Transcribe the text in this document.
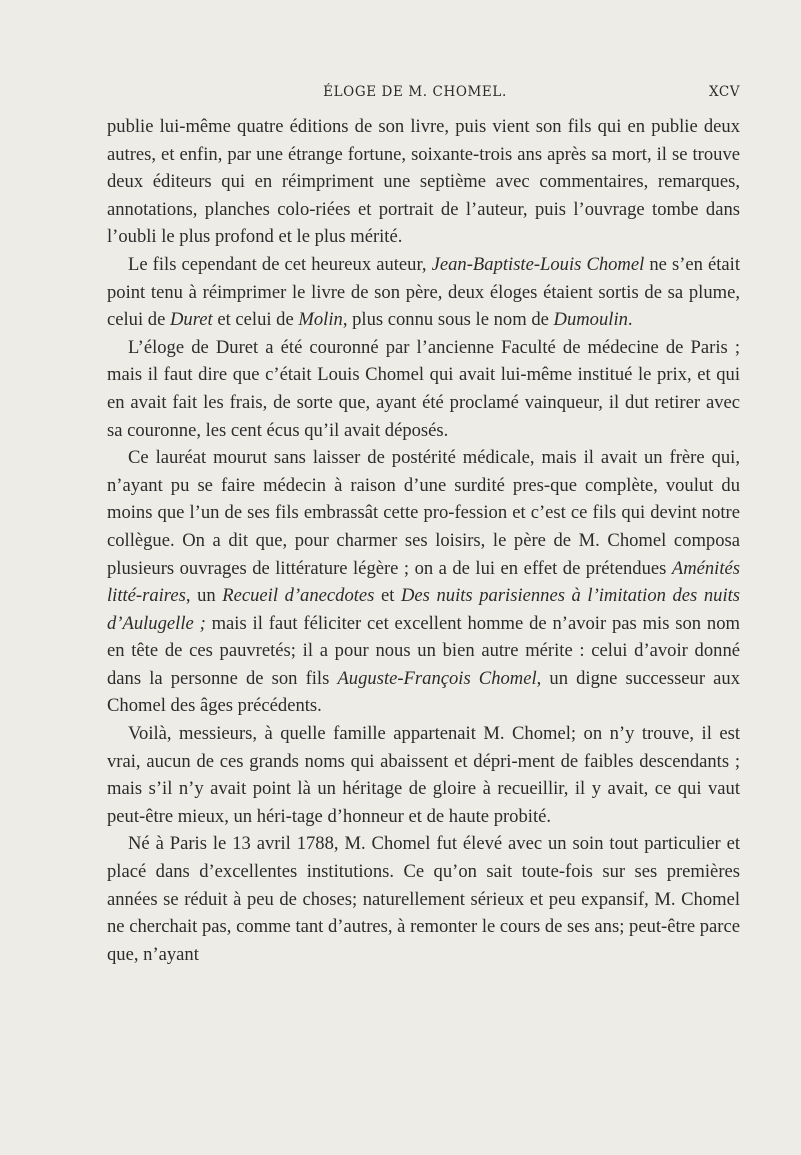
ÉLOGE DE M. CHOMEL.	XCV

publie lui-même quatre éditions de son livre, puis vient son fils qui en publie deux autres, et enfin, par une étrange fortune, soixante-trois ans après sa mort, il se trouve deux éditeurs qui en réimpriment une septième avec commentaires, remarques, annotations, planches colo-riées et portrait de l’auteur, puis l’ouvrage tombe dans l’oubli le plus profond et le plus mérité.

Le fils cependant de cet heureux auteur, Jean-Baptiste-Louis Chomel ne s’en était point tenu à réimprimer le livre de son père, deux éloges étaient sortis de sa plume, celui de Duret et celui de Molin, plus connu sous le nom de Dumoulin.

L’éloge de Duret a été couronné par l’ancienne Faculté de médecine de Paris ; mais il faut dire que c’était Louis Chomel qui avait lui-même institué le prix, et qui en avait fait les frais, de sorte que, ayant été proclamé vainqueur, il dut retirer avec sa couronne, les cent écus qu’il avait déposés.

Ce lauréat mourut sans laisser de postérité médicale, mais il avait un frère qui, n’ayant pu se faire médecin à raison d’une surdité pres-que complète, voulut du moins que l’un de ses fils embrassât cette pro-fession et c’est ce fils qui devint notre collègue. On a dit que, pour charmer ses loisirs, le père de M. Chomel composa plusieurs ouvrages de littérature légère ; on a de lui en effet de prétendues Aménités litté-raires, un Recueil d’anecdotes et Des nuits parisiennes à l’imitation des nuits d’Aulugelle ; mais il faut féliciter cet excellent homme de n’avoir pas mis son nom en tête de ces pauvretés; il a pour nous un bien autre mérite : celui d’avoir donné dans la personne de son fils Auguste-François Chomel, un digne successeur aux Chomel des âges précédents.

Voilà, messieurs, à quelle famille appartenait M. Chomel; on n’y trouve, il est vrai, aucun de ces grands noms qui abaissent et dépri-ment de faibles descendants ; mais s’il n’y avait point là un héritage de gloire à recueillir, il y avait, ce qui vaut peut-être mieux, un héri-tage d’honneur et de haute probité.

Né à Paris le 13 avril 1788, M. Chomel fut élevé avec un soin tout particulier et placé dans d’excellentes institutions. Ce qu’on sait toute-fois sur ses premières années se réduit à peu de choses; naturellement sérieux et peu expansif, M. Chomel ne cherchait pas, comme tant d’autres, à remonter le cours de ses ans; peut-être parce que, n’ayant
